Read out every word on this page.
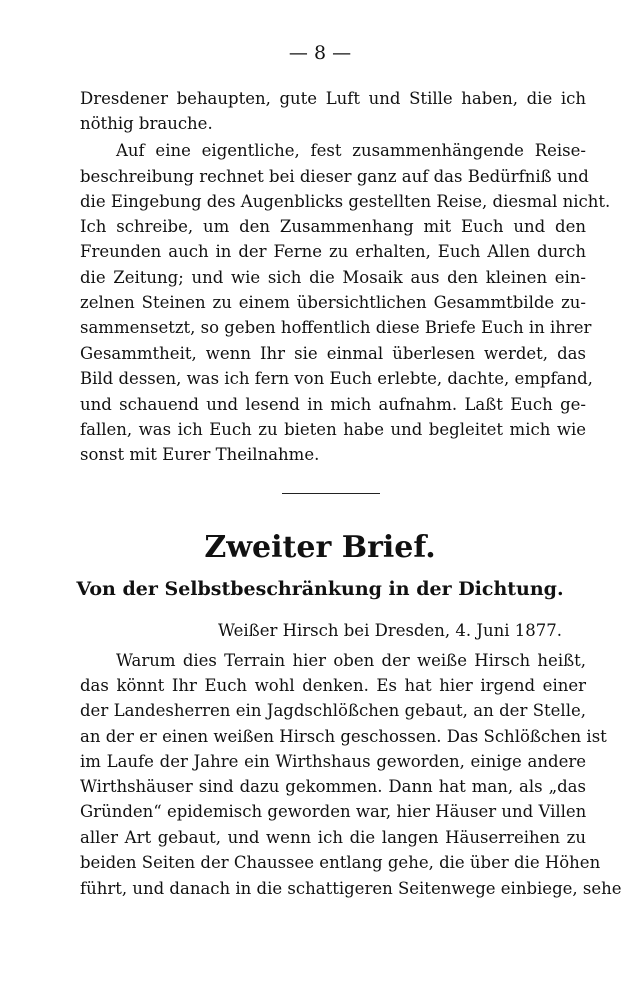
— 8 —
Dresdener behaupten, gute Luft und Stille haben, die ich
nöthig brauche.
Auf eine eigentliche, fest zusammenhängende Reise-
beschreibung rechnet bei dieser ganz auf das Bedürfniß und
die Eingebung des Augenblicks gestellten Reise, diesmal nicht.
Ich schreibe, um den Zusammenhang mit Euch und den
Freunden auch in der Ferne zu erhalten, Euch Allen durch
die Zeitung; und wie sich die Mosaik aus den kleinen ein-
zelnen Steinen zu einem übersichtlichen Gesammtbilde zu-
sammensetzt, so geben hoffentlich diese Briefe Euch in ihrer
Gesammtheit, wenn Ihr sie einmal überlesen werdet, das
Bild dessen, was ich fern von Euch erlebte, dachte, empfand,
und schauend und lesend in mich aufnahm. Laßt Euch ge-
fallen, was ich Euch zu bieten habe und begleitet mich wie
sonst mit Eurer Theilnahme.
Zweiter Brief.
Von der Selbstbeschränkung in der Dichtung.
Weißer Hirsch bei Dresden, 4. Juni 1877.
Warum dies Terrain hier oben der weiße Hirsch heißt,
das könnt Ihr Euch wohl denken. Es hat hier irgend einer
der Landesherren ein Jagdschlößchen gebaut, an der Stelle,
an der er einen weißen Hirsch geschossen. Das Schlößchen ist
im Laufe der Jahre ein Wirthshaus geworden, einige andere
Wirthshäuser sind dazu gekommen. Dann hat man, als „das
Gründen“ epidemisch geworden war, hier Häuser und Villen
aller Art gebaut, und wenn ich die langen Häuserreihen zu
beiden Seiten der Chaussee entlang gehe, die über die Höhen
führt, und danach in die schattigeren Seitenwege einbiege, sehe
